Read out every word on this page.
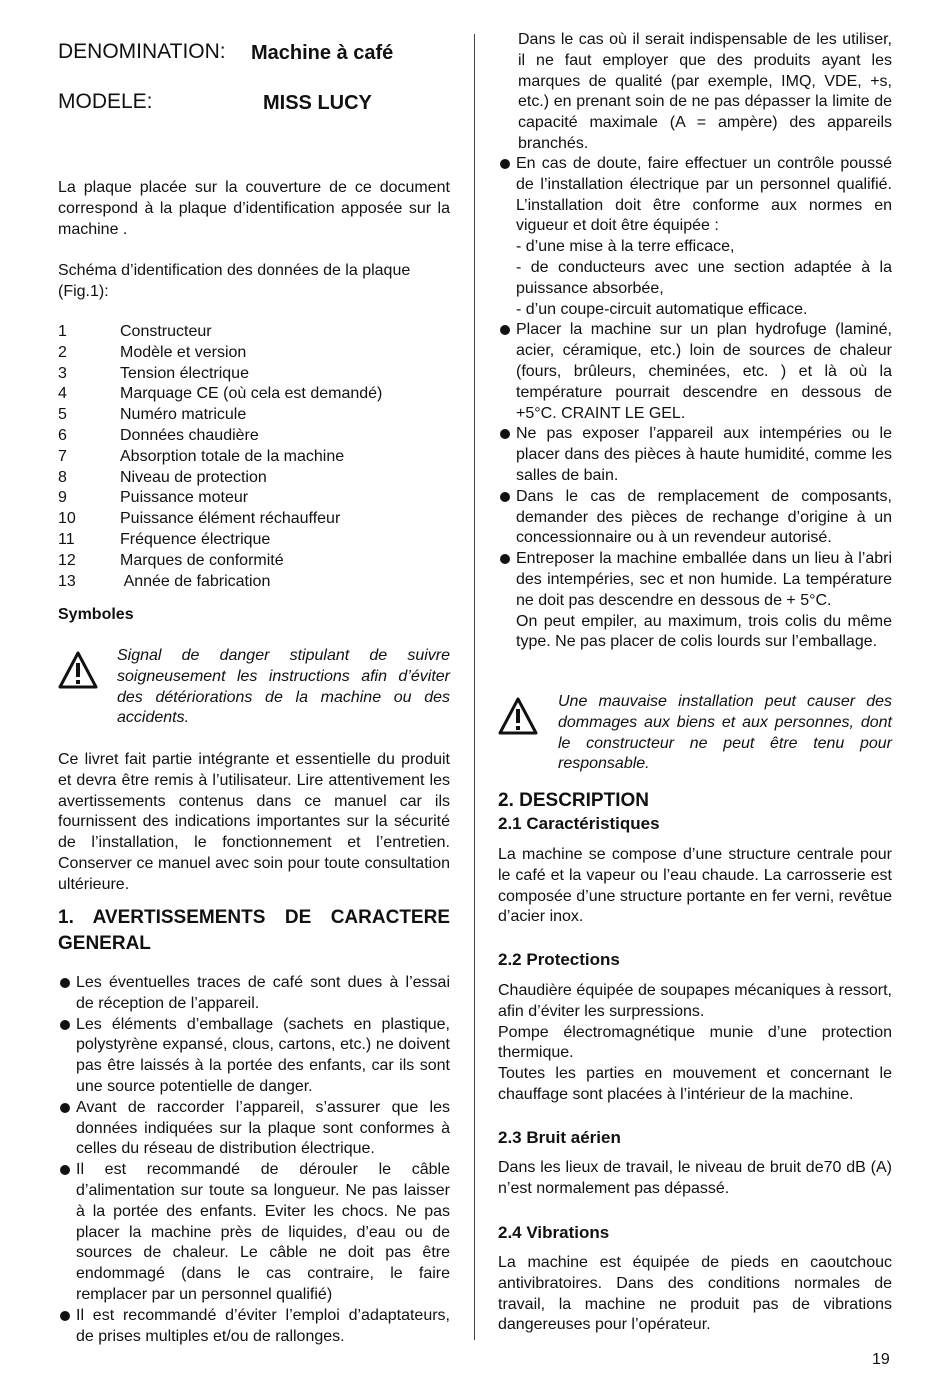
DENOMINATION: Machine à café
MODELE:	MISS LUCY

La plaque placée sur la couverture de ce document correspond à la plaque d’identification apposée sur la machine .

Schéma d’identification des données de la plaque (Fig.1):

1	Constructeur
2	Modèle et version
3	Tension électrique
4	Marquage CE (où cela est demandé)
5	Numéro matricule
6	Données chaudière
7	Absorption totale de la machine
8	Niveau de protection
9	Puissance moteur
10	Puissance élément réchauffeur
11	Fréquence électrique
12	Marques de conformité
13	Année de fabrication
Symboles
Signal de danger stipulant de suivre soigneusement les instructions afin d’éviter des détériorations de la machine ou des accidents.

Ce livret fait partie intégrante et essentielle du produit et devra être remis à l’utilisateur. Lire attentivement les avertissements contenus dans ce manuel car ils fournissent des indications importantes sur la sécurité de l’installation, le fonctionnement et l’entretien. Conserver ce manuel avec soin pour toute consultation ultérieure.

1. AVERTISSEMENTS DE CARACTERE GENERAL
Les éventuelles traces de café sont dues à l’essai de réception de l’appareil.
Les éléments d’emballage (sachets en plastique, polystyrène expansé, clous, cartons, etc.) ne doivent pas être laissés à la portée des enfants, car ils sont une source potentielle de danger.
Avant de raccorder l’appareil, s’assurer que les données indiquées sur la plaque sont conformes à celles du réseau de distribution électrique.
Il est recommandé de dérouler le câble d’alimentation sur toute sa longueur. Ne pas laisser à la portée des enfants. Eviter les chocs. Ne pas placer la machine près de liquides, d’eau ou de sources de chaleur. Le câble ne doit pas être endommagé (dans le cas contraire, le faire remplacer par un personnel qualifié)
Il est recommandé d’éviter l’emploi d’adaptateurs, de prises multiples et/ou de rallonges.

Dans le cas où il serait indispensable de les utiliser, il ne faut employer que des produits ayant les marques de qualité (par exemple, IMQ, VDE, +s, etc.) en prenant soin de ne pas dépasser la limite de capacité maximale (A = ampère) des appareils branchés.

En cas de doute, faire effectuer un contrôle poussé de l’installation électrique par un personnel qualifié. L’installation doit être conforme aux normes en vigueur et doit être équipée :
- d’une mise à la terre efficace,
- de conducteurs avec une section adaptée à la puissance absorbée,
- d’un coupe-circuit automatique efficace.
Placer la machine sur un plan hydrofuge (laminé, acier, céramique, etc.) loin de sources de chaleur (fours, brûleurs, cheminées, etc. ) et là où la température pourrait descendre en dessous de +5°C. CRAINT LE GEL.
Ne pas exposer l’appareil aux intempéries ou le placer dans des pièces à haute humidité, comme les salles de bain.
Dans le cas de remplacement de composants, demander des pièces de rechange d’origine à un concessionnaire ou à un revendeur autorisé.
Entreposer la machine emballée dans un lieu à l’abri des intempéries, sec et non humide. La température ne doit pas descendre en dessous de + 5°C.
On peut empiler, au maximum, trois colis du même type. Ne pas placer de colis lourds sur l’emballage.
Une mauvaise installation peut causer des dommages aux biens et aux personnes, dont le constructeur ne peut être tenu pour responsable.
2. DESCRIPTION
2.1 Caractéristiques

La machine se compose d’une structure centrale pour le café et la vapeur ou l’eau chaude. La carrosserie est composée d’une structure portante en fer verni, revêtue d’acier inox.

2.2 Protections

Chaudière équipée de soupapes mécaniques à ressort, afin d’éviter les surpressions.

Pompe électromagnétique munie d’une protection thermique.

Toutes les parties en mouvement et concernant le chauffage sont placées à l’intérieur de la machine.

2.3 Bruit aérien

Dans les lieux de travail, le niveau de bruit de70 dB (A) n’est normalement pas dépassé.

2.4 Vibrations

La machine est équipée de pieds en caoutchouc antivibratoires. Dans des conditions normales de travail, la machine ne produit pas de vibrations dangereuses pour l’opérateur.

19
